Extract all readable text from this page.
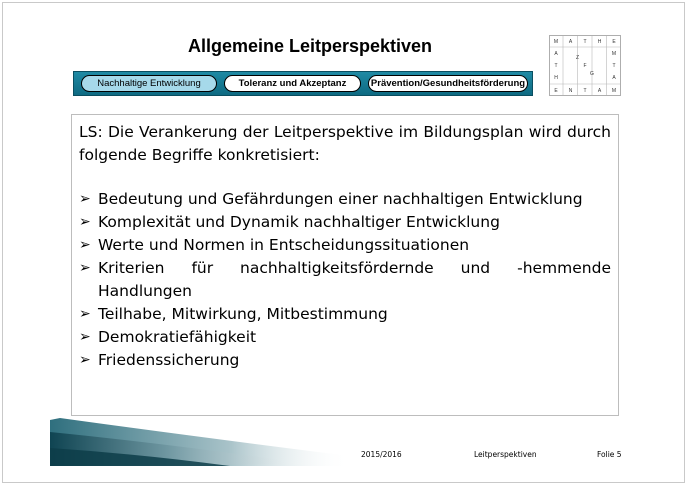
Allgemeine Leitperspektiven	M A T H E
E N T A M
A
T
H
M
T
A
Z
F
G
Nachhaltige Entwicklung	Toleranz und Akzeptanz	Prävention/Gesundheitsförderung

LS: Die Verankerung der Leitperspektive im Bildungsplan wird durch folgende Begriffe konkretisiert:

➢ Bedeutung und Gefährdungen einer nachhaltigen Entwicklung
➢ Komplexität und Dynamik nachhaltiger Entwicklung
➢ Werte und Normen in Entscheidungssituationen
➢ Kriterien für nachhaltigkeitsfördernde und -hemmende Handlungen
➢ Teilhabe, Mitwirkung, Mitbestimmung
➢ Demokratiefähigkeit
➢ Friedenssicherung
2015/2016	Leitperspektiven	Folie 5
